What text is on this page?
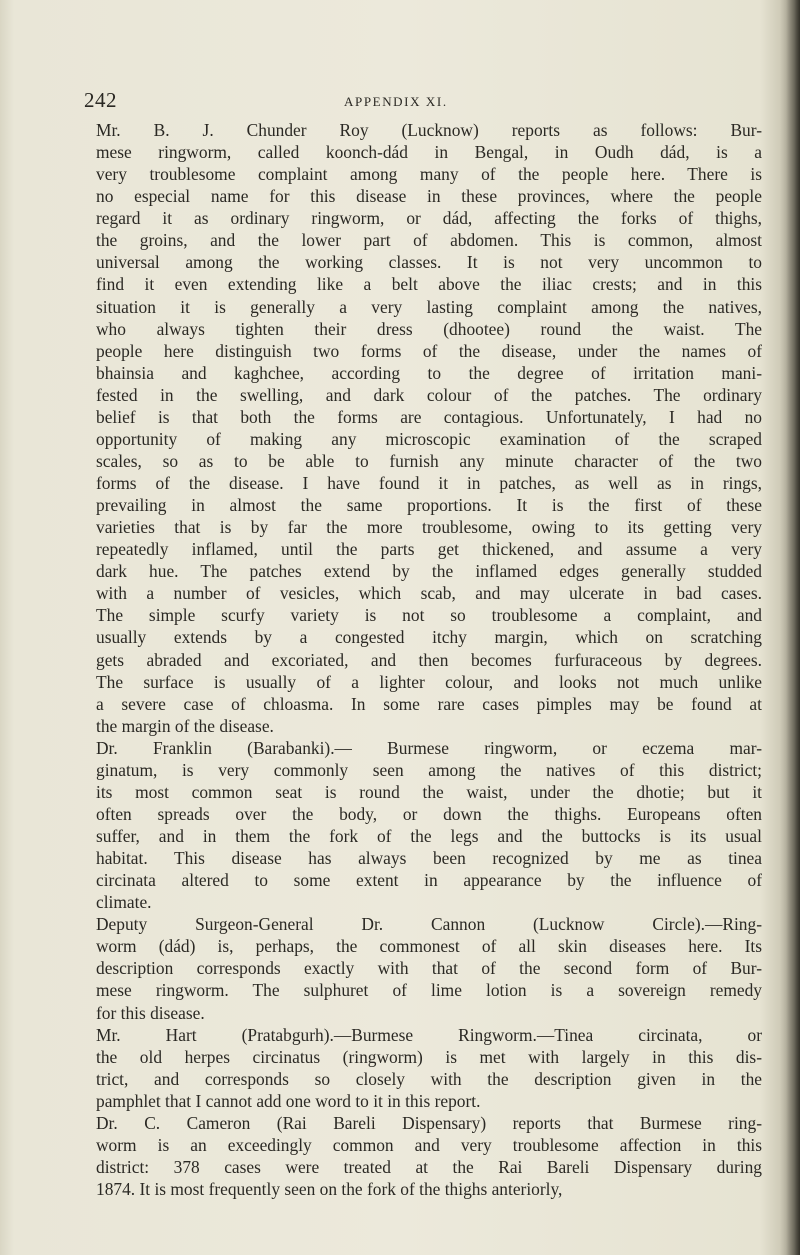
242	APPENDIX XI.
Mr. B. J. Chunder Roy (Lucknow) reports as follows: Bur-
mese ringworm, called koonch-dád in Bengal, in Oudh dád, is a
very troublesome complaint among many of the people here. There is
no especial name for this disease in these provinces, where the people
regard it as ordinary ringworm, or dád, affecting the forks of thighs,
the groins, and the lower part of abdomen. This is common, almost
universal among the working classes. It is not very uncommon to
find it even extending like a belt above the iliac crests; and in this
situation it is generally a very lasting complaint among the natives,
who always tighten their dress (dhootee) round the waist. The
people here distinguish two forms of the disease, under the names of
bhainsia and kaghchee, according to the degree of irritation mani-
fested in the swelling, and dark colour of the patches. The ordinary
belief is that both the forms are contagious. Unfortunately, I had no
opportunity of making any microscopic examination of the scraped
scales, so as to be able to furnish any minute character of the two
forms of the disease. I have found it in patches, as well as in rings,
prevailing in almost the same proportions. It is the first of these
varieties that is by far the more troublesome, owing to its getting very
repeatedly inflamed, until the parts get thickened, and assume a very
dark hue. The patches extend by the inflamed edges generally studded
with a number of vesicles, which scab, and may ulcerate in bad cases.
The simple scurfy variety is not so troublesome a complaint, and
usually extends by a congested itchy margin, which on scratching
gets abraded and excoriated, and then becomes furfuraceous by degrees.
The surface is usually of a lighter colour, and looks not much unlike
a severe case of chloasma. In some rare cases pimples may be found at
the margin of the disease.
Dr. Franklin (Barabanki).— Burmese ringworm, or eczema mar-
ginatum, is very commonly seen among the natives of this district;
its most common seat is round the waist, under the dhotie; but it
often spreads over the body, or down the thighs. Europeans often
suffer, and in them the fork of the legs and the buttocks is its usual
habitat. This disease has always been recognized by me as tinea
circinata altered to some extent in appearance by the influence of
climate.
Deputy Surgeon-General Dr. Cannon (Lucknow Circle).—Ring-
worm (dád) is, perhaps, the commonest of all skin diseases here. Its
description corresponds exactly with that of the second form of Bur-
mese ringworm. The sulphuret of lime lotion is a sovereign remedy
for this disease.
Mr. Hart (Pratabgurh).—Burmese Ringworm.—Tinea circinata, or
the old herpes circinatus (ringworm) is met with largely in this dis-
trict, and corresponds so closely with the description given in the
pamphlet that I cannot add one word to it in this report.
Dr. C. Cameron (Rai Bareli Dispensary) reports that Burmese ring-
worm is an exceedingly common and very troublesome affection in this
district: 378 cases were treated at the Rai Bareli Dispensary during
1874. It is most frequently seen on the fork of the thighs anteriorly,
